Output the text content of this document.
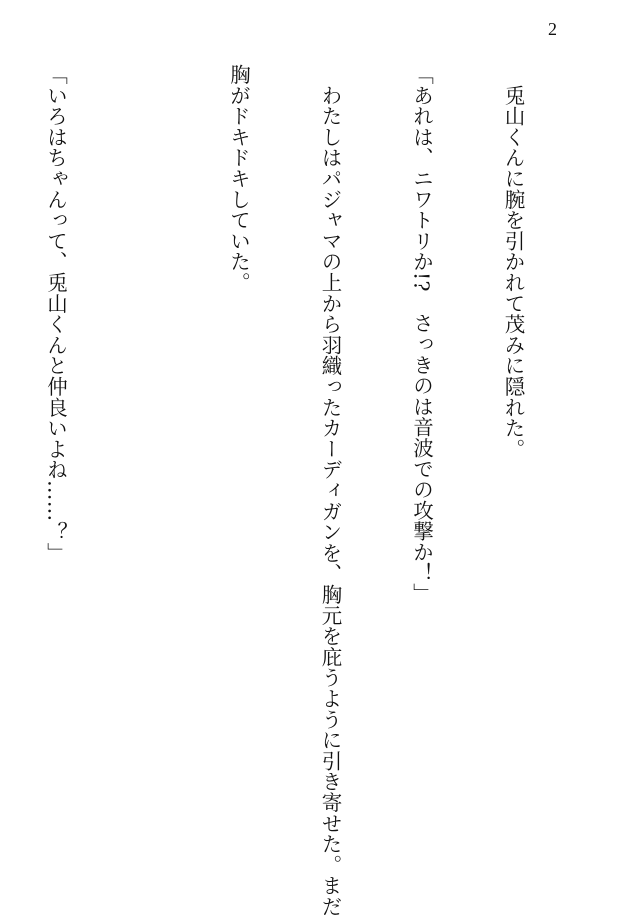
2

　兎山くんに腕を引かれて茂みに隠れた。

「あれは、ニワトリか!?　さっきのは音波での攻撃か！」

　わたしはパジャマの上から羽織ったカーディガンを、胸元を庇うように引き寄せた。まだ

胸がドキドキしていた。

「いろはちゃんって、兎山くんと仲良いよね……？」
